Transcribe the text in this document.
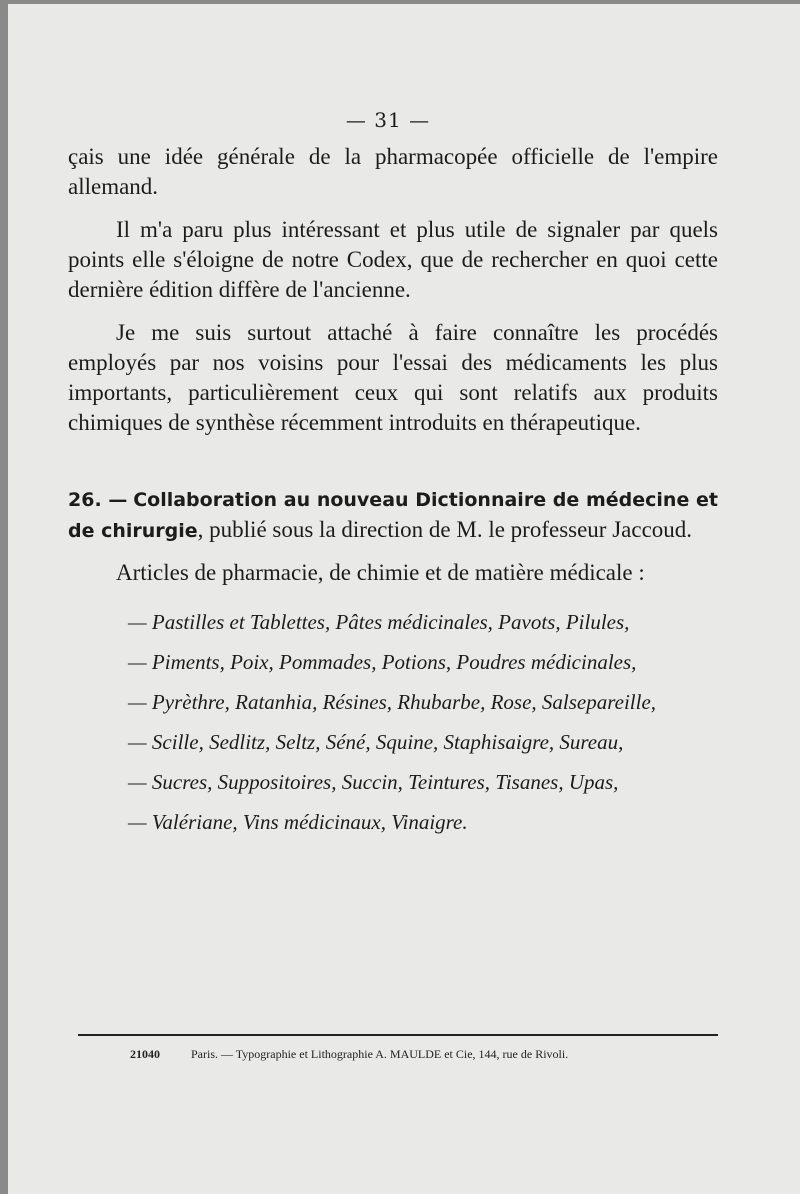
— 31 —

çais une idée générale de la pharmacopée officielle de l'empire allemand.

Il m'a paru plus intéressant et plus utile de signaler par quels points elle s'éloigne de notre Codex, que de rechercher en quoi cette dernière édition diffère de l'ancienne.

Je me suis surtout attaché à faire connaître les procédés employés par nos voisins pour l'essai des médicaments les plus importants, particulièrement ceux qui sont relatifs aux produits chimiques de synthèse récemment introduits en thérapeutique.

26. — Collaboration au nouveau Dictionnaire de médecine et de chirurgie, publié sous la direction de M. le professeur Jaccoud.

Articles de pharmacie, de chimie et de matière médicale :

— Pastilles et Tablettes, Pâtes médicinales, Pavots, Pilules,
— Piments, Poix, Pommades, Potions, Poudres médicinales,
— Pyrèthre, Ratanhia, Résines, Rhubarbe, Rose, Salsepareille,
— Scille, Sedlitz, Seltz, Séné, Squine, Staphisaigre, Sureau,
— Sucres, Suppositoires, Succin, Teintures, Tisanes, Upas,
— Valériane, Vins médicinaux, Vinaigre.
21040	Paris. — Typographie et Lithographie A. MAULDE et Cie, 144, rue de Rivoli.
